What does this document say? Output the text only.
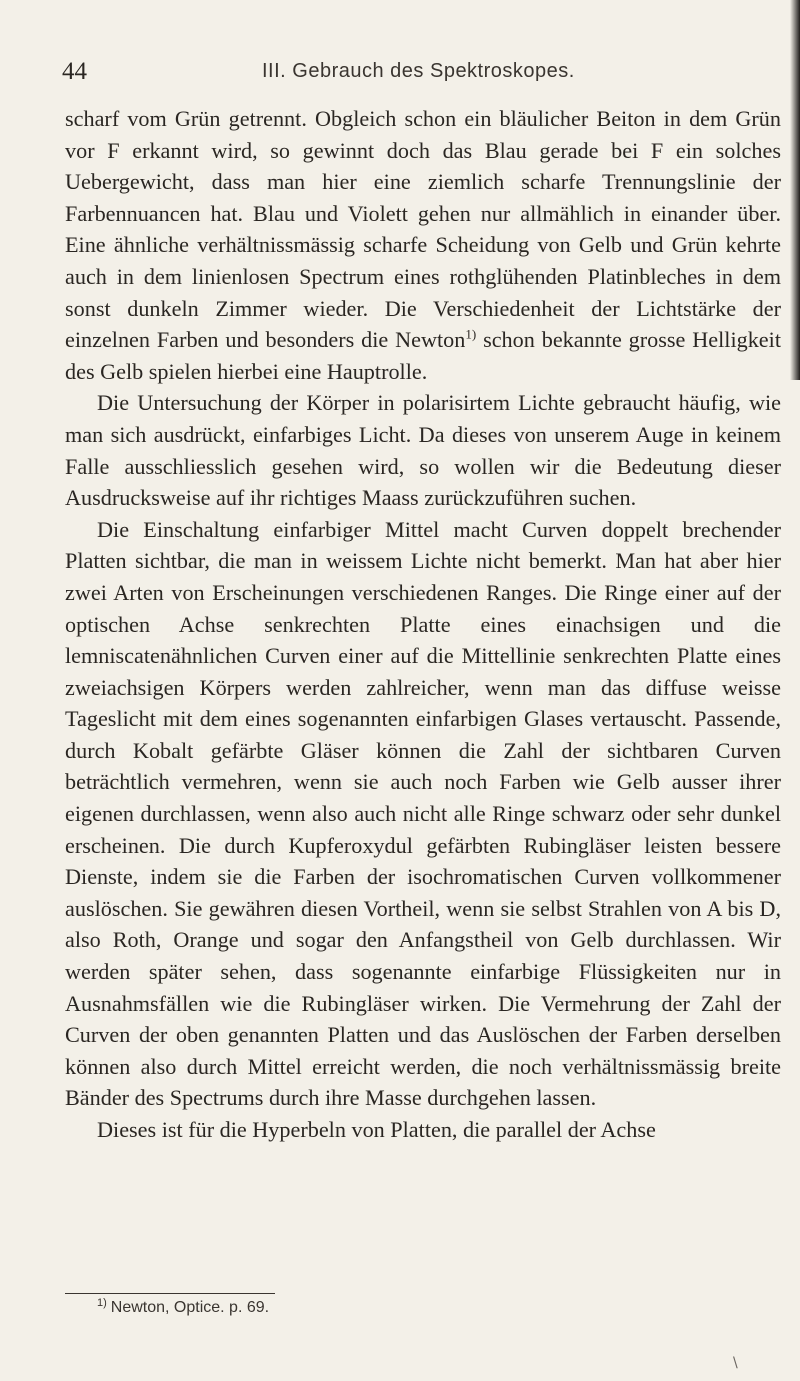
44	III. Gebrauch des Spektroskopes.

scharf vom Grün getrennt. Obgleich schon ein bläulicher Beiton in dem Grün vor F erkannt wird, so gewinnt doch das Blau gerade bei F ein solches Uebergewicht, dass man hier eine ziemlich scharfe Trennungslinie der Farbennuancen hat. Blau und Violett gehen nur allmählich in einander über. Eine ähnliche verhältnissmässig scharfe Scheidung von Gelb und Grün kehrte auch in dem linienlosen Spectrum eines rothglühenden Platinbleches in dem sonst dunkeln Zimmer wieder. Die Verschiedenheit der Lichtstärke der einzelnen Farben und besonders die Newton$^{1)}$ schon bekannte grosse Helligkeit des Gelb spielen hierbei eine Hauptrolle.

Die Untersuchung der Körper in polarisirtem Lichte gebraucht häufig, wie man sich ausdrückt, einfarbiges Licht. Da dieses von unserem Auge in keinem Falle ausschliesslich gesehen wird, so wollen wir die Bedeutung dieser Ausdrucksweise auf ihr richtiges Maass zurückzuführen suchen.

Die Einschaltung einfarbiger Mittel macht Curven doppelt brechender Platten sichtbar, die man in weissem Lichte nicht bemerkt. Man hat aber hier zwei Arten von Erscheinungen verschiedenen Ranges. Die Ringe einer auf der optischen Achse senkrechten Platte eines einachsigen und die lemniscatenähnlichen Curven einer auf die Mittellinie senkrechten Platte eines zweiachsigen Körpers werden zahlreicher, wenn man das diffuse weisse Tageslicht mit dem eines sogenannten einfarbigen Glases vertauscht. Passende, durch Kobalt gefärbte Gläser können die Zahl der sichtbaren Curven beträchtlich vermehren, wenn sie auch noch Farben wie Gelb ausser ihrer eigenen durchlassen, wenn also auch nicht alle Ringe schwarz oder sehr dunkel erscheinen. Die durch Kupferoxydul gefärbten Rubingläser leisten bessere Dienste, indem sie die Farben der isochromatischen Curven vollkommener auslöschen. Sie gewähren diesen Vortheil, wenn sie selbst Strahlen von A bis D, also Roth, Orange und sogar den Anfangstheil von Gelb durchlassen. Wir werden später sehen, dass sogenannte einfarbige Flüssigkeiten nur in Ausnahmsfällen wie die Rubingläser wirken. Die Vermehrung der Zahl der Curven der oben genannten Platten und das Auslöschen der Farben derselben können also durch Mittel erreicht werden, die noch verhältnissmässig breite Bänder des Spectrums durch ihre Masse durchgehen lassen.

Dieses ist für die Hyperbeln von Platten, die parallel der Achse

$^{1)}$ Newton, Optice. p. 69.
\
